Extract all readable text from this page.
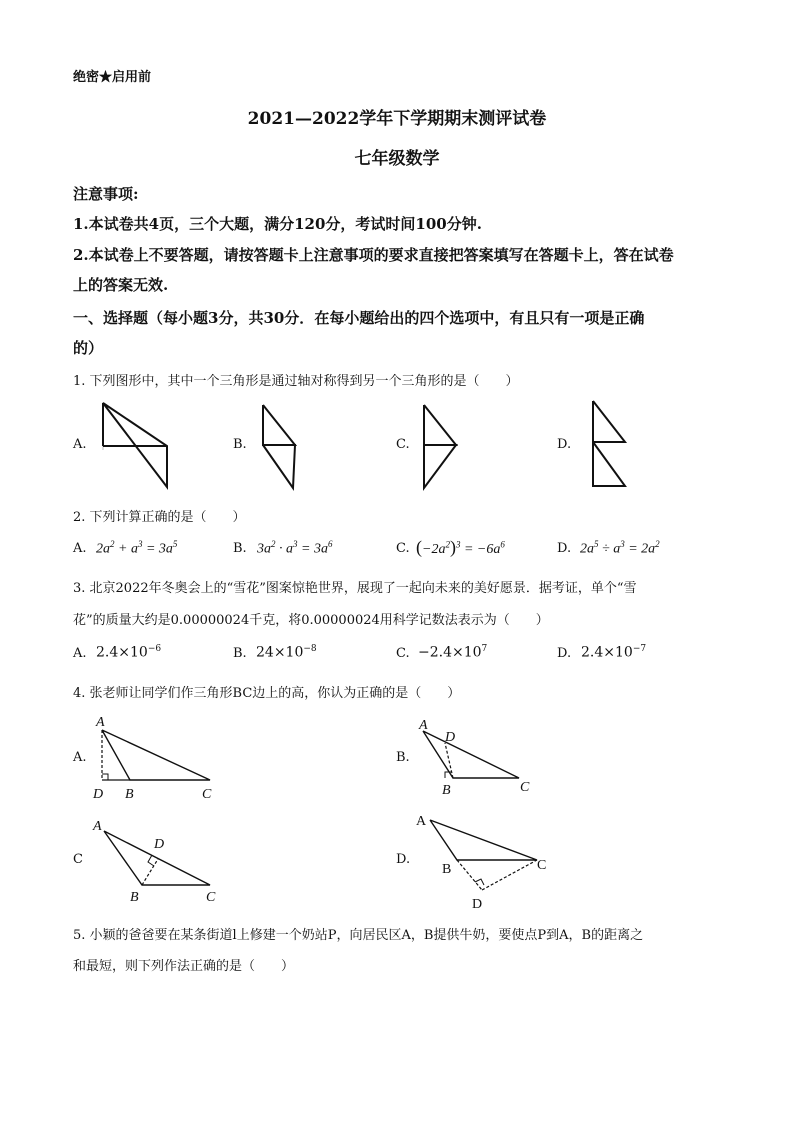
绝密★启用前
2021—2022学年下学期期末测评试卷
七年级数学
注意事项:
1.本试卷共4页，三个大题，满分120分，考试时间100分钟.
2.本试卷上不要答题，请按答题卡上注意事项的要求直接把答案填写在答题卡上，答在试卷
上的答案无效.
一、选择题（每小题3分，共30分．在每小题给出的四个选项中，有且只有一项是正确
的）
1. 下列图形中，其中一个三角形是通过轴对称得到另一个三角形的是（　　）
A.	B.	C.	D.
2. 下列计算正确的是（　　）
A. $2a^2 + a^3 = 3a^5$	B. $3a^2 \cdot a^3 = 3a^6$	C. $(-2a^2)^3 = -6a^6$	D. $2a^5 \div a^3 = 2a^2$
3. 北京2022年冬奥会上的“雪花”图案惊艳世界，展现了一起向未来的美好愿景．据考证，单个“雪
花”的质量大约是0.00000024千克，将0.00000024用科学记数法表示为（　　）
A. $2.4\times 10^{-6}$	B. $24\times 10^{-8}$	C. $-2.4\times 10^7$	D. $2.4\times 10^{-7}$
4. 张老师让同学们作三角形BC边上的高，你认为正确的是（　　）
A.
A
D B	C
B.
A
D
B	C
C
A
D
B	C
D.
A
B	C
D
5. 小颖的爸爸要在某条街道l上修建一个奶站P，向居民区A，B提供牛奶，要使点P到A，B的距离之
和最短，则下列作法正确的是（　　）
